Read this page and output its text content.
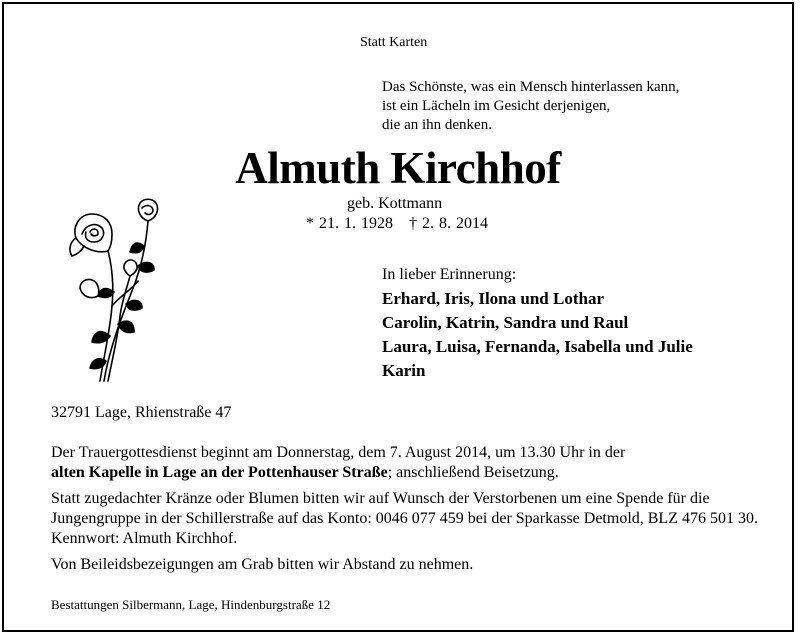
Statt Karten
Das Schönste, was ein Mensch hinterlassen kann,
ist ein Lächeln im Gesicht derjenigen,
die an ihn denken.
Almuth Kirchhof
geb. Kottmann
* 21. 1. 1928 † 2. 8. 2014
In lieber Erinnerung:
Erhard, Iris, Ilona und Lothar
Carolin, Katrin, Sandra und Raul
Laura, Luisa, Fernanda, Isabella und Julie
Karin
32791 Lage, Rhienstraße 47

Der Trauergottesdienst beginnt am Donnerstag, dem 7. August 2014, um 13.30 Uhr in der
alten Kapelle in Lage an der Pottenhauser Straße; anschließend Beisetzung.

Statt zugedachter Kränze oder Blumen bitten wir auf Wunsch der Verstorbenen um eine Spende für die Jungengruppe in der Schillerstraße auf das Konto: 0046 077 459 bei der Sparkasse Detmold, BLZ 476 501 30. Kennwort: Almuth Kirchhof.

Von Beileidsbezeigungen am Grab bitten wir Abstand zu nehmen.

Bestattungen Silbermann, Lage, Hindenburgstraße 12
